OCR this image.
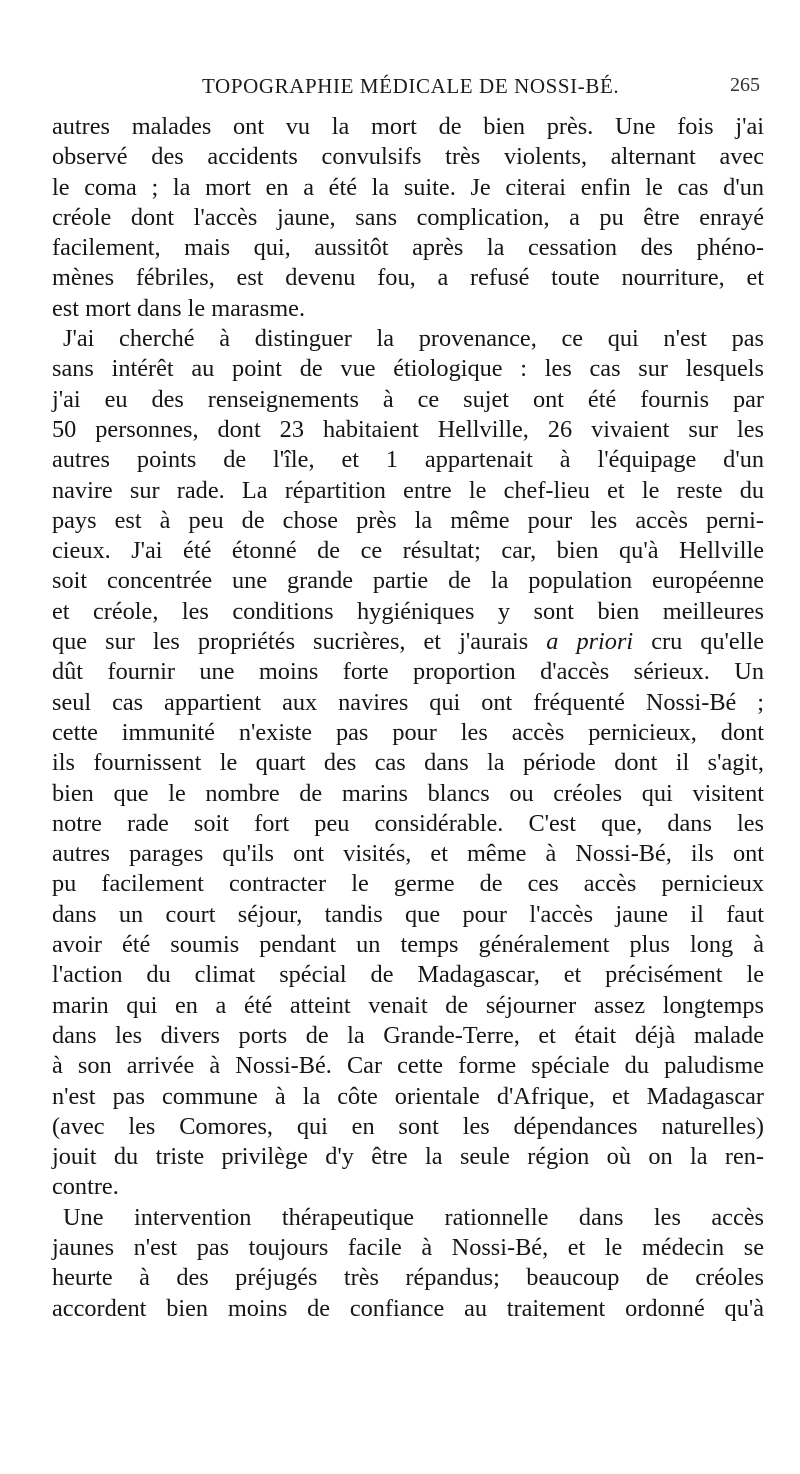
TOPOGRAPHIE MÉDICALE DE NOSSI-BÉ.	265
autres malades ont vu la mort de bien près. Une fois j'ai
observé des accidents convulsifs très violents, alternant avec
le coma ; la mort en a été la suite. Je citerai enfin le cas d'un
créole dont l'accès jaune, sans complication, a pu être enrayé
facilement, mais qui, aussitôt après la cessation des phéno-
mènes fébriles, est devenu fou, a refusé toute nourriture, et
est mort dans le marasme.
J'ai cherché à distinguer la provenance, ce qui n'est pas
sans intérêt au point de vue étiologique : les cas sur lesquels
j'ai eu des renseignements à ce sujet ont été fournis par
50 personnes, dont 23 habitaient Hellville, 26 vivaient sur les
autres points de l'île, et 1 appartenait à l'équipage d'un
navire sur rade. La répartition entre le chef-lieu et le reste du
pays est à peu de chose près la même pour les accès perni-
cieux. J'ai été étonné de ce résultat; car, bien qu'à Hellville
soit concentrée une grande partie de la population européenne
et créole, les conditions hygiéniques y sont bien meilleures
que sur les propriétés sucrières, et j'aurais a priori cru qu'elle
dût fournir une moins forte proportion d'accès sérieux. Un
seul cas appartient aux navires qui ont fréquenté Nossi-Bé ;
cette immunité n'existe pas pour les accès pernicieux, dont
ils fournissent le quart des cas dans la période dont il s'agit,
bien que le nombre de marins blancs ou créoles qui visitent
notre rade soit fort peu considérable. C'est que, dans les
autres parages qu'ils ont visités, et même à Nossi-Bé, ils ont
pu facilement contracter le germe de ces accès pernicieux
dans un court séjour, tandis que pour l'accès jaune il faut
avoir été soumis pendant un temps généralement plus long à
l'action du climat spécial de Madagascar, et précisément le
marin qui en a été atteint venait de séjourner assez longtemps
dans les divers ports de la Grande-Terre, et était déjà malade
à son arrivée à Nossi-Bé. Car cette forme spéciale du paludisme
n'est pas commune à la côte orientale d'Afrique, et Madagascar
(avec les Comores, qui en sont les dépendances naturelles)
jouit du triste privilège d'y être la seule région où on la ren-
contre.
Une intervention thérapeutique rationnelle dans les accès
jaunes n'est pas toujours facile à Nossi-Bé, et le médecin se
heurte à des préjugés très répandus; beaucoup de créoles
accordent bien moins de confiance au traitement ordonné qu'à
